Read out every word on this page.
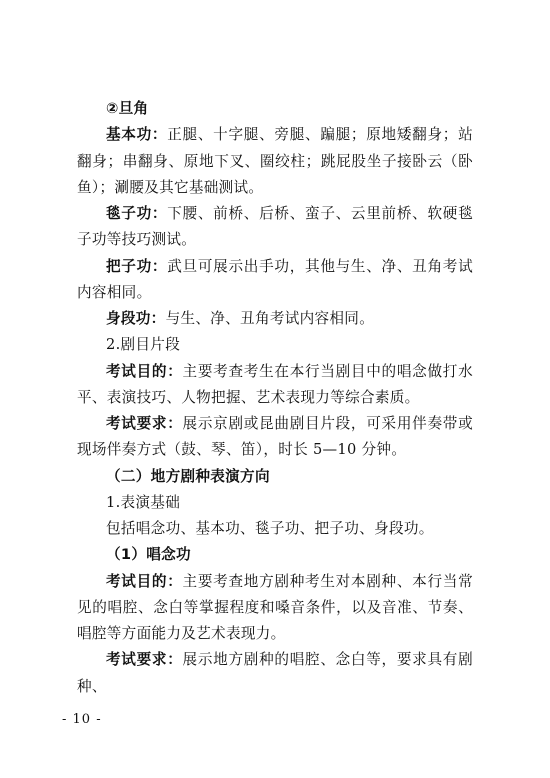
②旦角

基本功：正腿、十字腿、旁腿、蹁腿；原地矮翻身；站翻身；串翻身、原地下叉、圈绞柱；跳屁股坐子接卧云（卧鱼）；涮腰及其它基础测试。

毯子功：下腰、前桥、后桥、蛮子、云里前桥、软硬毯子功等技巧测试。

把子功：武旦可展示出手功，其他与生、净、丑角考试内容相同。

身段功：与生、净、丑角考试内容相同。

2.剧目片段

考试目的：主要考查考生在本行当剧目中的唱念做打水平、表演技巧、人物把握、艺术表现力等综合素质。

考试要求：展示京剧或昆曲剧目片段，可采用伴奏带或现场伴奏方式（鼓、琴、笛），时长 5—10 分钟。

（二）地方剧种表演方向

1.表演基础

包括唱念功、基本功、毯子功、把子功、身段功。

（1）唱念功

考试目的：主要考查地方剧种考生对本剧种、本行当常见的唱腔、念白等掌握程度和嗓音条件，以及音准、节奏、唱腔等方面能力及艺术表现力。

考试要求：展示地方剧种的唱腔、念白等，要求具有剧种、

- 10 -
